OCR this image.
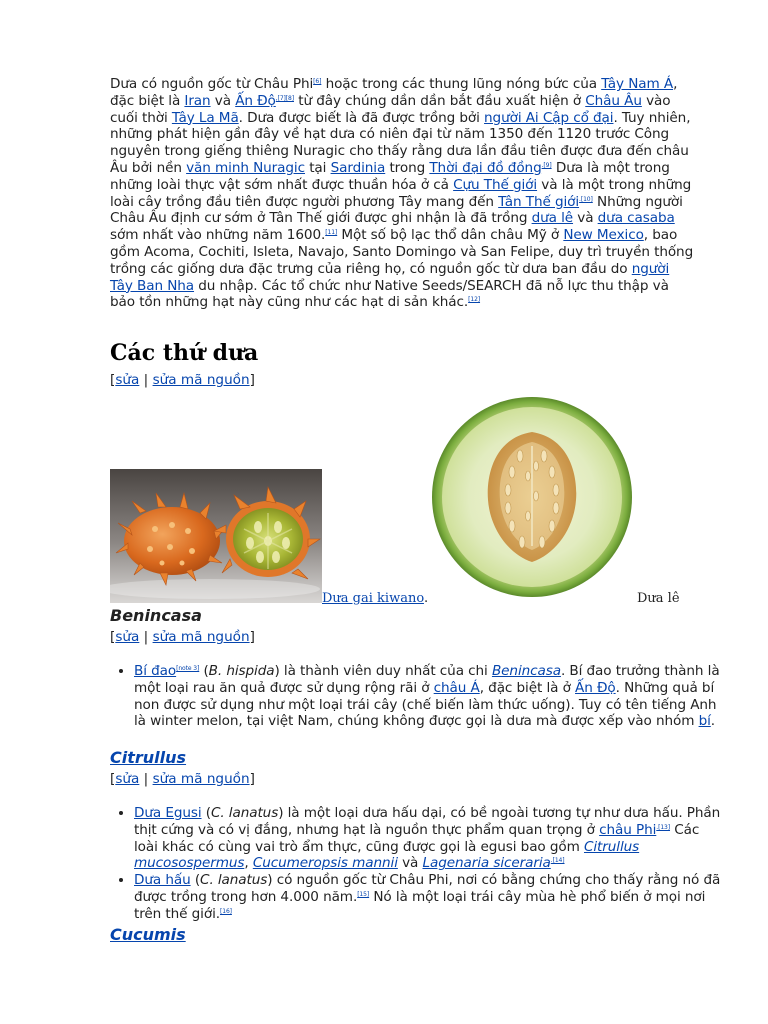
Dưa có nguồn gốc từ Châu Phi[6] hoặc trong các thung lũng nóng bức của Tây Nam Á, đặc biệt là Iran và Ấn Độ$^{,[7][8]}$ từ đây chúng dần dần bắt đầu xuất hiện ở Châu Âu vào cuối thời Tây La Mã. Dưa được biết là đã được trồng bởi người Ai Cập cổ đại. Tuy nhiên, những phát hiện gần đây về hạt dưa có niên đại từ năm 1350 đến 1120 trước Công nguyên trong giếng thiêng Nuragic cho thấy rằng dưa lần đầu tiên được đưa đến châu Âu bởi nền văn minh Nuragic tại Sardinia trong Thời đại đồ đồng$^{.[9]}$ Dưa là một trong những loài thực vật sớm nhất được thuần hóa ở cả Cựu Thế giới và là một trong những loài cây trồng đầu tiên được người phương Tây mang đến Tân Thế giới$^{.[10]}$ Những người Châu Âu định cư sớm ở Tân Thế giới được ghi nhận là đã trồng dưa lê và dưa casaba sớm nhất vào những năm 1600.[11] Một số bộ lạc thổ dân châu Mỹ ở New Mexico, bao gồm Acoma, Cochiti, Isleta, Navajo, Santo Domingo và San Felipe, duy trì truyền thống trồng các giống dưa đặc trưng của riêng họ, có nguồn gốc từ dưa ban đầu do người Tây Ban Nha du nhập. Các tổ chức như Native Seeds/SEARCH đã nỗ lực thu thập và bảo tồn những hạt này cũng như các hạt di sản khác.[12]

Các thứ dưa
[sửa | sửa mã nguồn]
Dưa gai kiwano.	Dưa lê
Benincasa
[sửa | sửa mã nguồn]
• Bí đao[note 3] (B. hispida) là thành viên duy nhất của chi Benincasa. Bí đao trưởng thành là một loại rau ăn quả được sử dụng rộng rãi ở châu Á, đặc biệt là ở Ấn Độ. Những quả bí non được sử dụng như một loại trái cây (chế biến làm thức uống). Tuy có tên tiếng Anh là winter melon, tại việt Nam, chúng không được gọi là dưa mà được xếp vào nhóm bí.
Citrullus
[sửa | sửa mã nguồn]
• Dưa Egusi (C. lanatus) là một loại dưa hấu dại, có bề ngoài tương tự như dưa hấu. Phần thịt cứng và có vị đắng, nhưng hạt là nguồn thực phẩm quan trọng ở châu Phi$^{.[13]}$ Các loài khác có cùng vai trò ẩm thực, cũng được gọi là egusi bao gồm Citrullus mucosospermus, Cucumeropsis mannii và Lagenaria siceraria$^{.[14]}$
• Dưa hấu (C. lanatus) có nguồn gốc từ Châu Phi, nơi có bằng chứng cho thấy rằng nó đã được trồng trong hơn 4.000 năm.[15] Nó là một loại trái cây mùa hè phổ biến ở mọi nơi trên thế giới.[16]
Cucumis
